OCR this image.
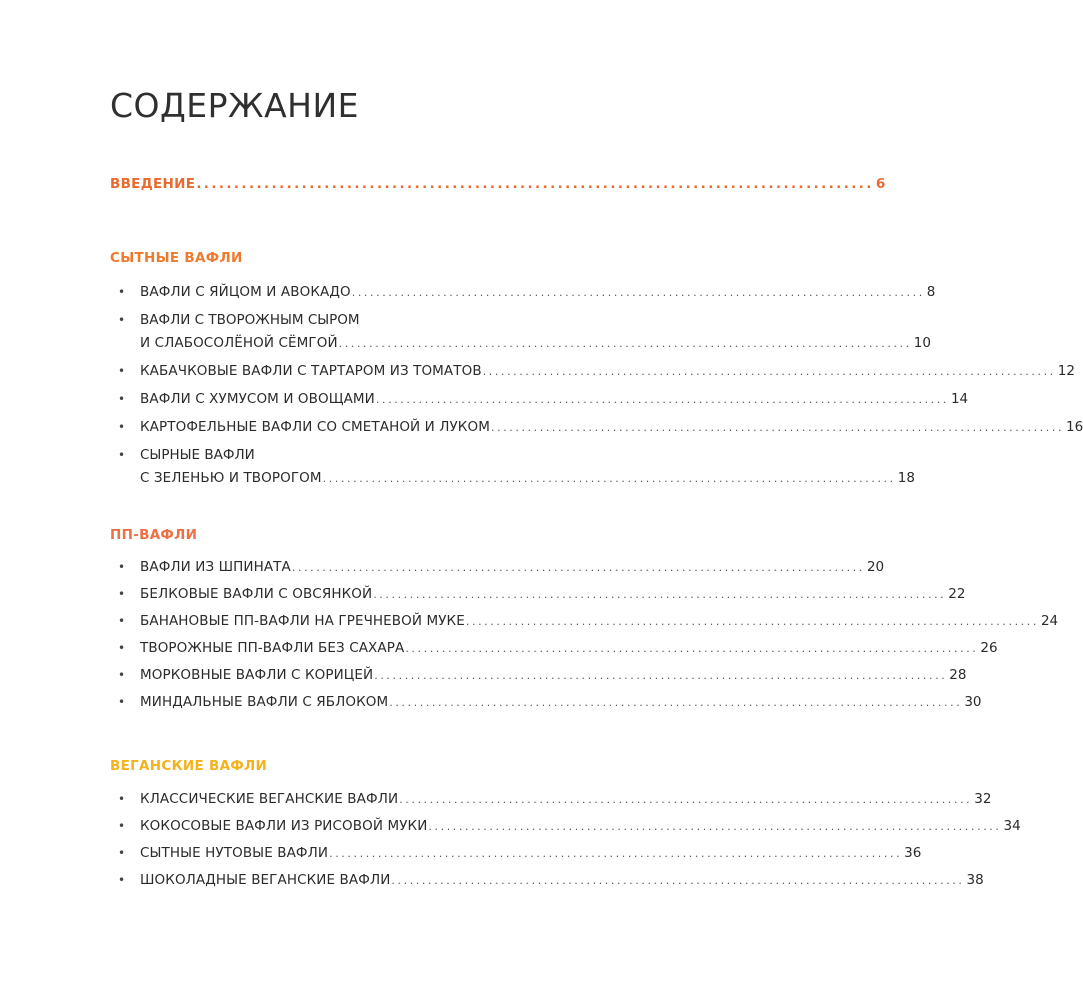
СОДЕРЖАНИЕ
ВВЕДЕНИЕ .......................................................................................... 6
СЫТНЫЕ ВАФЛИ
• ВАФЛИ С ЯЙЦОМ И АВОКАДО .............................................................................................. 8
• ВАФЛИ С ТВОРОЖНЫМ СЫРОМ
И СЛАБОСОЛЁНОЙ СЁМГОЙ .............................................................................................. 10
• КАБАЧКОВЫЕ ВАФЛИ С ТАРТАРОМ ИЗ ТОМАТОВ .............................................................................................. 12
• ВАФЛИ С ХУМУСОМ И ОВОЩАМИ .............................................................................................. 14
• КАРТОФЕЛЬНЫЕ ВАФЛИ СО СМЕТАНОЙ И ЛУКОМ .............................................................................................. 16
• СЫРНЫЕ ВАФЛИ
С ЗЕЛЕНЬЮ И ТВОРОГОМ .............................................................................................. 18
ПП-ВАФЛИ
• ВАФЛИ ИЗ ШПИНАТА .............................................................................................. 20
• БЕЛКОВЫЕ ВАФЛИ С ОВСЯНКОЙ .............................................................................................. 22
• БАНАНОВЫЕ ПП-ВАФЛИ НА ГРЕЧНЕВОЙ МУКЕ .............................................................................................. 24
• ТВОРОЖНЫЕ ПП-ВАФЛИ БЕЗ САХАРА .............................................................................................. 26
• МОРКОВНЫЕ ВАФЛИ С КОРИЦЕЙ .............................................................................................. 28
• МИНДАЛЬНЫЕ ВАФЛИ С ЯБЛОКОМ .............................................................................................. 30
ВЕГАНСКИЕ ВАФЛИ
• КЛАССИЧЕСКИЕ ВЕГАНСКИЕ ВАФЛИ .............................................................................................. 32
• КОКОСОВЫЕ ВАФЛИ ИЗ РИСОВОЙ МУКИ .............................................................................................. 34
• СЫТНЫЕ НУТОВЫЕ ВАФЛИ .............................................................................................. 36
• ШОКОЛАДНЫЕ ВЕГАНСКИЕ ВАФЛИ .............................................................................................. 38
